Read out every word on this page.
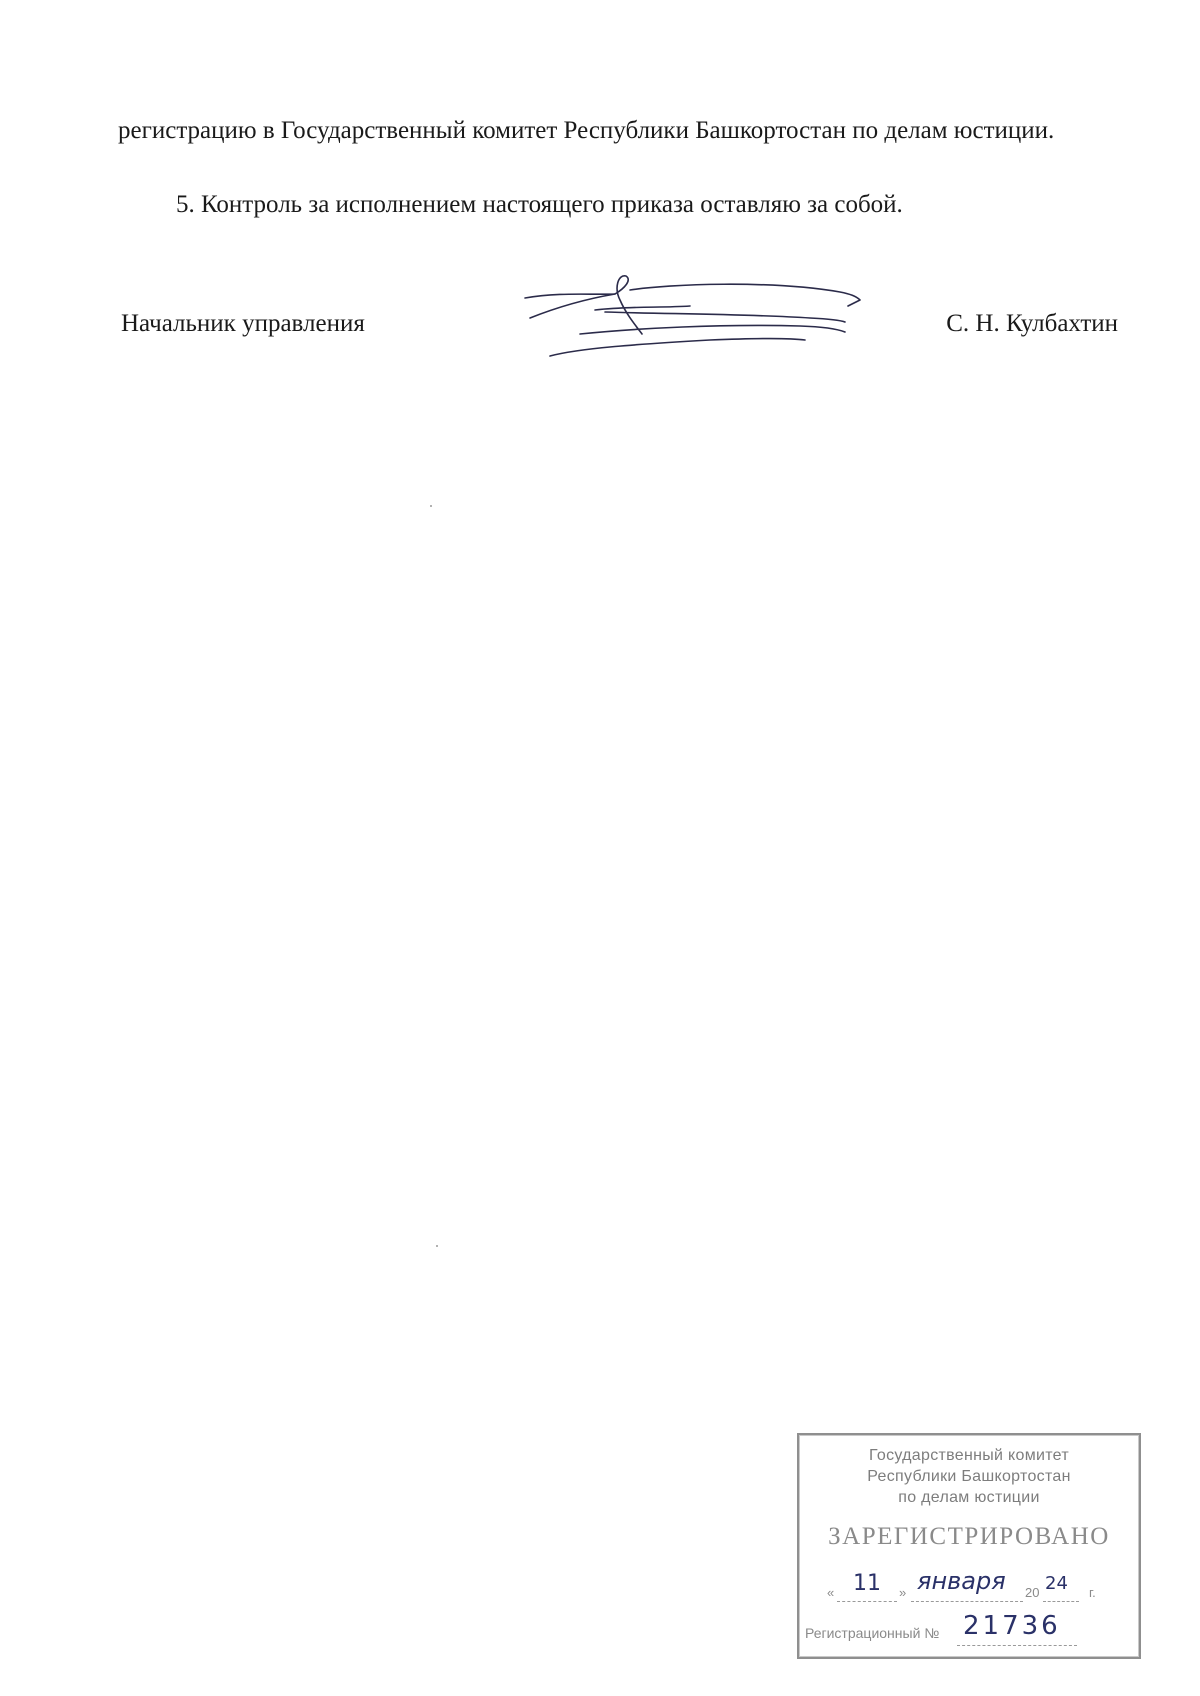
регистрацию в Государственный комитет Республики Башкортостан по делам юстиции.

5. Контроль за исполнением настоящего приказа оставляю за собой.

Начальник управления	С. Н. Кулбахтин
Государственный комитет
Республики Башкортостан
по делам юстиции
ЗАРЕГИСТРИРОВАНО
« 11 » января 20 24 г.
Регистрационный № 21736
